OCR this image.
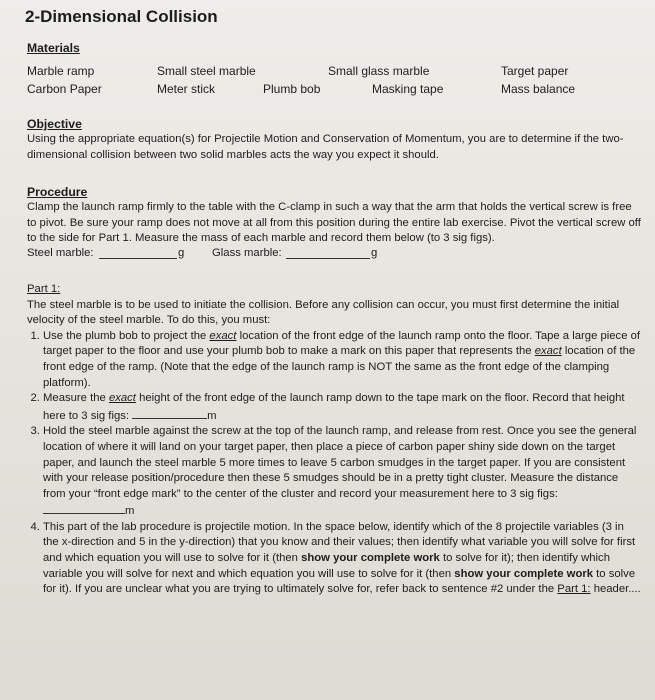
2-Dimensional Collision
Materials
Marble ramp	Small steel marble	Small glass marble	Target paper
Carbon Paper	Meter stick	Plumb bob	Masking tape	Mass balance
Objective
Using the appropriate equation(s) for Projectile Motion and Conservation of Momentum, you are to determine if the two-dimensional collision between two solid marbles acts the way you expect it should.
Procedure
Clamp the launch ramp firmly to the table with the C-clamp in such a way that the arm that holds the vertical screw is free to pivot. Be sure your ramp does not move at all from this position during the entire lab exercise. Pivot the vertical screw off to the side for Part 1. Measure the mass of each marble and record them below (to 3 sig figs).
Steel marble:	g Glass marble:	g
Part 1:
The steel marble is to be used to initiate the collision. Before any collision can occur, you must first determine the initial velocity of the steel marble. To do this, you must:
1. Use the plumb bob to project the exact location of the front edge of the launch ramp onto the floor. Tape a large piece of target paper to the floor and use your plumb bob to make a mark on this paper that represents the exact location of the front edge of the ramp. (Note that the edge of the launch ramp is NOT the same as the front edge of the clamping platform).
2. Measure the exact height of the front edge of the launch ramp down to the tape mark on the floor. Record that height here to 3 sig figs:	m
3. Hold the steel marble against the screw at the top of the launch ramp, and release from rest. Once you see the general location of where it will land on your target paper, then place a piece of carbon paper shiny side down on the target paper, and launch the steel marble 5 more times to leave 5 carbon smudges in the target paper. If you are consistent with your release position/procedure then these 5 smudges should be in a pretty tight cluster. Measure the distance from your “front edge mark” to the center of the cluster and record your measurement here to 3 sig figs: m
4. This part of the lab procedure is projectile motion. In the space below, identify which of the 8 projectile variables (3 in the x-direction and 5 in the y-direction) that you know and their values; then identify what variable you will solve for first and which equation you will use to solve for it (then show your complete work to solve for it); then identify which variable you will solve for next and which equation you will use to solve for it (then show your complete work to solve for it). If you are unclear what you are trying to ultimately solve for, refer back to sentence #2 under the Part 1: header....
